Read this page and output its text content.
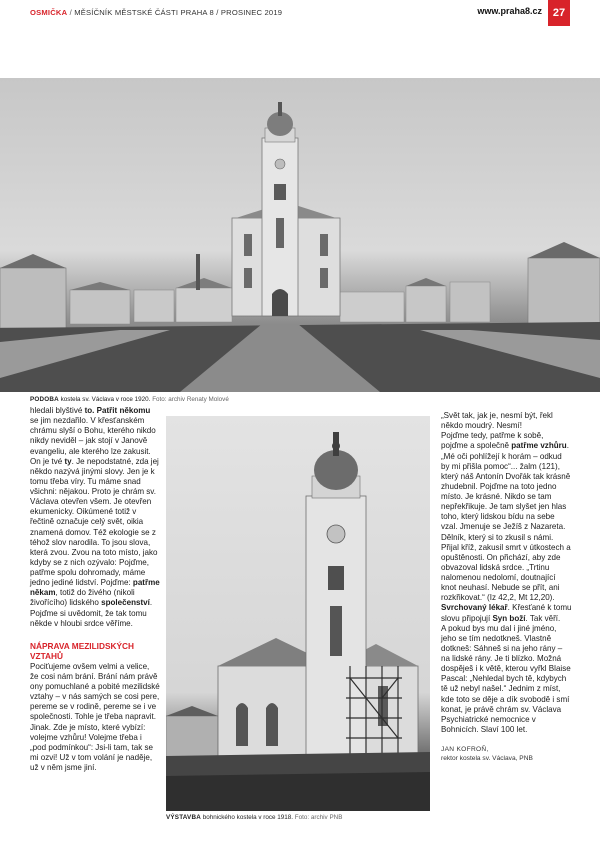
OSMIČKA / MĚSÍČNÍK MĚSTSKÉ ČÁSTI PRAHA 8 / PROSINEC 2019	www.praha8.cz 27
PODOBA kostela sv. Václava v roce 1920. Foto: archiv Renaty Molové

hledali blyštivé to. Patřit někomu se jim nezdařilo. V křesťanském chrámu slyší o Bohu, kterého nikdo nikdy neviděl – jak stojí v Janově evangeliu, ale kterého lze zakusit. On je tvé ty. Je nepodstatné, zda jej někdo nazývá jinými slovy. Jen je k tomu třeba víry. Tu máme snad všichni: nějakou. Proto je chrám sv. Václava otevřen všem. Je otevřen ekumenicky. Oikúmené totiž v řečtině označuje celý svět, oikia znamená domov. Též ekologie se z téhož slov narodila. To jsou slova, která zvou. Zvou na toto místo, jako kdyby se z nich ozývalo: Pojďme, patřme spolu dohromady, máme jedno jediné lidství. Pojďme: patřme někam, totiž do živého (nikoli živořícího) lidského společenství. Pojďme si uvědomit, že tak tomu někde v hloubi srdce věříme.

NÁPRAVA MEZILIDSKÝCH VZTAHŮ

Pociťujeme ovšem velmi a velice, že cosi nám brání. Brání nám právě ony pomuchlané a pobité mezilidské vztahy – v nás samých se cosi pere, pereme se v rodině, pereme se i ve společnosti. Tohle je třeba napravit. Jinak. Zde je místo, které vybízí: volejme vzhůru! Volejme třeba i „pod podmínkou“: Jsi-li tam, tak se mi ozvi! Už v tom volání je naděje, už v něm jsme jiní.

VÝSTAVBA bohnického kostela v roce 1918. Foto: archiv PNB

„Svět tak, jak je, nesmí být, řekl někdo moudrý. Nesmí!

Pojďme tedy, patřme k sobě, pojďme a společně patřme vzhůru. „Mé oči pohlížejí k horám – odkud by mi přišla pomoc“... žalm (121), který náš Antonín Dvořák tak krásně zhudebnil. Pojďme na toto jedno místo. Je krásné. Nikdo se tam nepřekřikuje. Je tam slyšet jen hlas toho, který lidskou bídu na sebe vzal. Jmenuje se Ježíš z Nazareta. Dělník, který si to zkusil s námi.

Přijal kříž, zakusil smrt v útkostech a opuštěnosti. On přichází, aby zde obvazoval lidská srdce. „Trtinu nalomenou nedolomí, doutnající knot neuhasí. Nebude se přít, ani rozkřikovat.“ (Iz 42,2, Mt 12,20). Svrchovaný lékař. Křesťané k tomu slovu připojují Syn boží. Tak věří.

A pokud bys mu dal i jiné jméno, jeho se tím nedotkneš. Vlastně dotkneš: Sáhneš si na jeho rány – na lidské rány. Je ti blízko. Možná dospěješ i k větě, kterou vyřkl Blaise Pascal: „Nehledal bych tě, kdybych tě už nebyl našel.“ Jednim z míst, kde toto se děje a dík svobodě i smí konat, je právě chrám sv. Václava Psychiatrické nemocnice v Bohnicích. Slaví 100 let.

JAN KOFROŇ,
rektor kostela sv. Václava, PNB
